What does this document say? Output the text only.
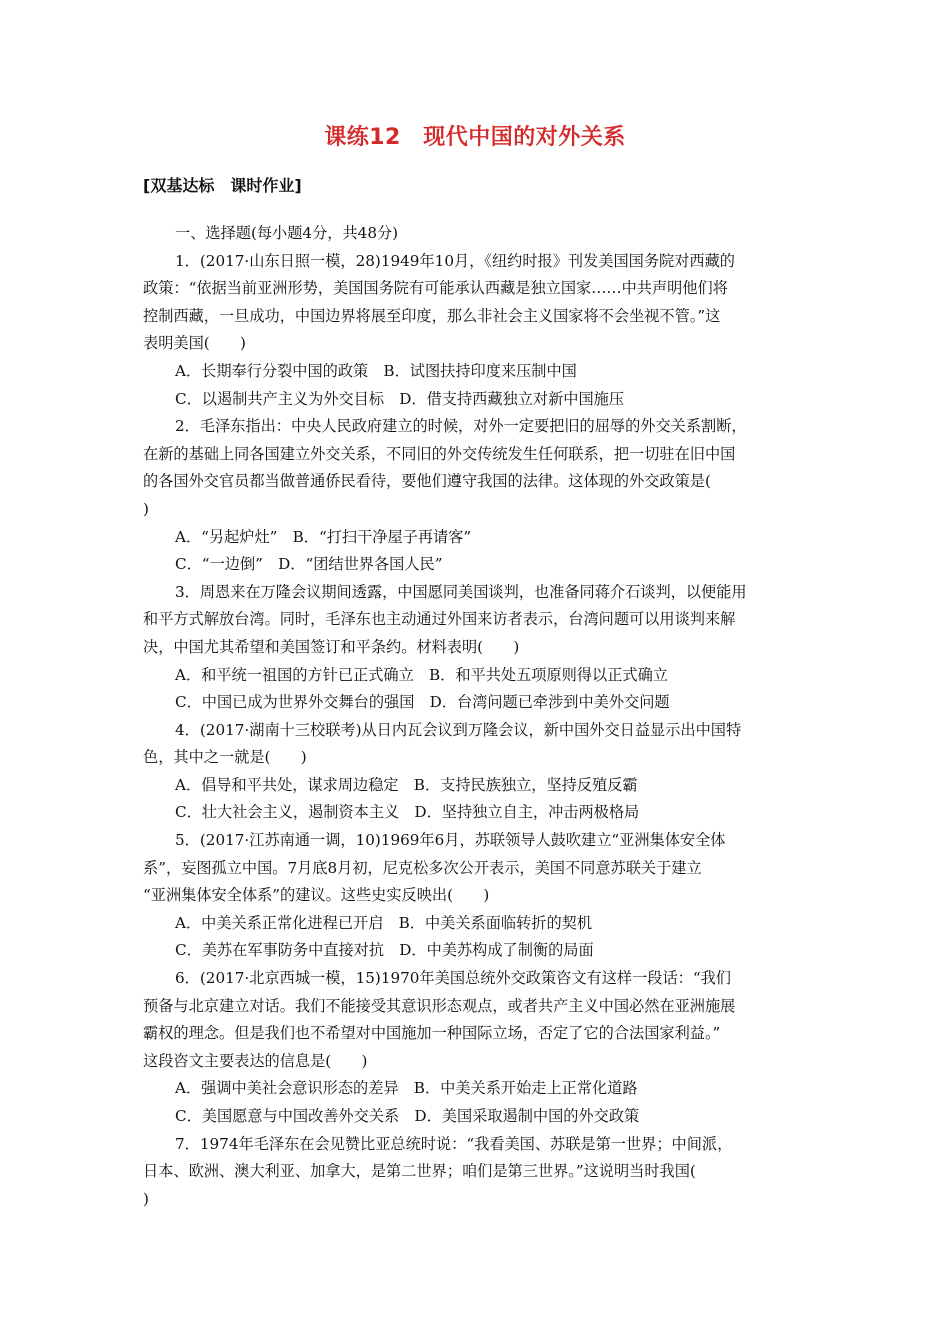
课练12　现代中国的对外关系
[双基达标　课时作业]
一、选择题(每小题4分，共48分)
1．(2017·山东日照一模，28)1949年10月，《纽约时报》刊发美国国务院对西藏的
政策：“依据当前亚洲形势，美国国务院有可能承认西藏是独立国家……中共声明他们将
控制西藏，一旦成功，中国边界将展至印度，那么非社会主义国家将不会坐视不管。”这
表明美国(　　)
A．长期奉行分裂中国的政策　B．试图扶持印度来压制中国
C．以遏制共产主义为外交目标　D．借支持西藏独立对新中国施压
2．毛泽东指出：中央人民政府建立的时候，对外一定要把旧的屈辱的外交关系割断，
在新的基础上同各国建立外交关系，不同旧的外交传统发生任何联系，把一切驻在旧中国
的各国外交官员都当做普通侨民看待，要他们遵守我国的法律。这体现的外交政策是(
)
A．“另起炉灶”　B．“打扫干净屋子再请客”
C．“一边倒”　D．“团结世界各国人民”
3．周恩来在万隆会议期间透露，中国愿同美国谈判，也准备同蒋介石谈判，以便能用
和平方式解放台湾。同时，毛泽东也主动通过外国来访者表示，台湾问题可以用谈判来解
决，中国尤其希望和美国签订和平条约。材料表明(　　)
A．和平统一祖国的方针已正式确立　B．和平共处五项原则得以正式确立
C．中国已成为世界外交舞台的强国　D．台湾问题已牵涉到中美外交问题
4．(2017·湖南十三校联考)从日内瓦会议到万隆会议，新中国外交日益显示出中国特
色，其中之一就是(　　)
A．倡导和平共处，谋求周边稳定　B．支持民族独立，坚持反殖反霸
C．壮大社会主义，遏制资本主义　D．坚持独立自主，冲击两极格局
5．(2017·江苏南通一调，10)1969年6月，苏联领导人鼓吹建立“亚洲集体安全体
系”，妄图孤立中国。7月底8月初，尼克松多次公开表示，美国不同意苏联关于建立
“亚洲集体安全体系”的建议。这些史实反映出(　　)
A．中美关系正常化进程已开启　B．中美关系面临转折的契机
C．美苏在军事防务中直接对抗　D．中美苏构成了制衡的局面
6．(2017·北京西城一模，15)1970年美国总统外交政策咨文有这样一段话：“我们
预备与北京建立对话。我们不能接受其意识形态观点，或者共产主义中国必然在亚洲施展
霸权的理念。但是我们也不希望对中国施加一种国际立场，否定了它的合法国家利益。”
这段咨文主要表达的信息是(　　)
A．强调中美社会意识形态的差异　B．中美关系开始走上正常化道路
C．美国愿意与中国改善外交关系　D．美国采取遏制中国的外交政策
7．1974年毛泽东在会见赞比亚总统时说：“我看美国、苏联是第一世界；中间派，
日本、欧洲、澳大利亚、加拿大，是第二世界；咱们是第三世界。”这说明当时我国(
)
